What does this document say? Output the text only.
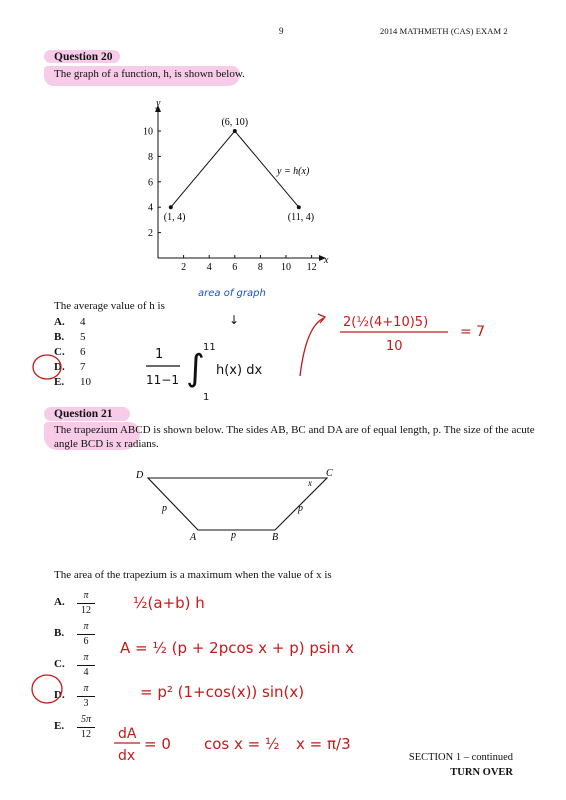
9	2014 MATHMETH (CAS) EXAM 2
Question 20
The graph of a function, h, is shown below.
y
x
2 4 6 8 10 12
2
4
6
8
10
(1, 4)
(6, 10)
(11, 4)
y = h(x)
The average value of h is
A. 4
B. 5
C. 6
D. 7
E. 10
area of graph
↓
1
11−1 ∫
11
1
h(x) dx
2(½(4+10)5)
10
= 7
Question 21
The trapezium ABCD is shown below. The sides AB, BC and DA are of equal length, p. The size of the acute
angle BCD is x radians.
D	C
A	B
p
p
p
x
The area of the trapezium is a maximum when the value of x is
A.
π
12
B.
π
6
C.
π
4
D.
π
3
E.
5π
12
½(a+b) h
A = ½ (p + 2pcos x + p) psin x
= p² (1+cos(x)) sin(x)
dA
dx
= 0 cos x = ½ x = π/3
SECTION 1 – continued
TURN OVER
